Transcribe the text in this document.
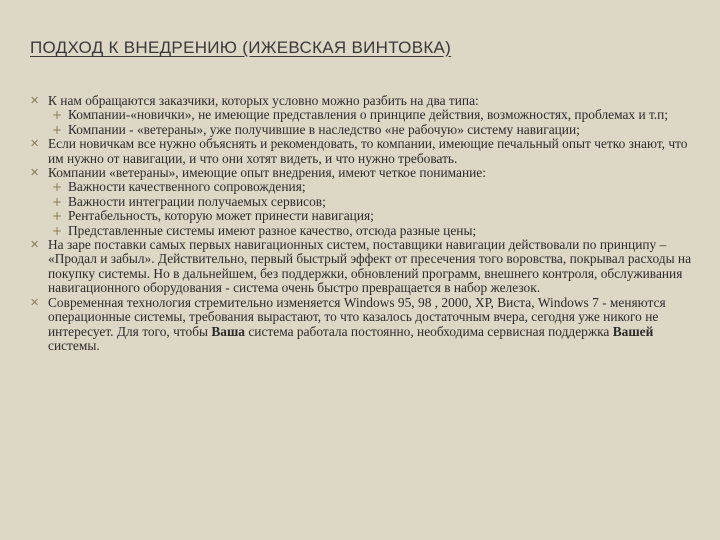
ПОДХОД К ВНЕДРЕНИЮ (ИЖЕВСКАЯ ВИНТОВКА)
✕ К нам обращаются заказчики, которых условно можно разбить на два типа:
+ Компании-«новички», не имеющие представления о принципе действия, возможностях, проблемах и т.п;
+ Компании - «ветераны», уже получившие в наследство «не рабочую» систему навигации;
✕ Если новичкам все нужно объяснять и рекомендовать, то компании, имеющие печальный опыт четко знают, что им нужно от навигации, и что они хотят видеть, и что нужно требовать.
✕ Компании «ветераны», имеющие опыт внедрения, имеют четкое понимание:
+ Важности качественного сопровождения;
+ Важности интеграции получаемых сервисов;
+ Рентабельность, которую может принести навигация;
+ Представленные системы имеют разное качество, отсюда разные цены;
✕ На заре поставки самых первых навигационных систем, поставщики навигации действовали по принципу – «Продал и забыл». Действительно, первый быстрый эффект от пресечения того воровства, покрывал расходы на покупку системы. Но в дальнейшем, без поддержки, обновлений программ, внешнего контроля, обслуживания навигационного оборудования - система очень быстро превращается в набор железок.
✕ Современная технология стремительно изменяется Windows 95, 98 , 2000, XP, Виста, Windows 7 - меняются операционные системы, требования вырастают, то что казалось достаточным вчера, сегодня уже никого не интересует. Для того, чтобы Ваша система работала постоянно, необходима сервисная поддержка Вашей системы.
